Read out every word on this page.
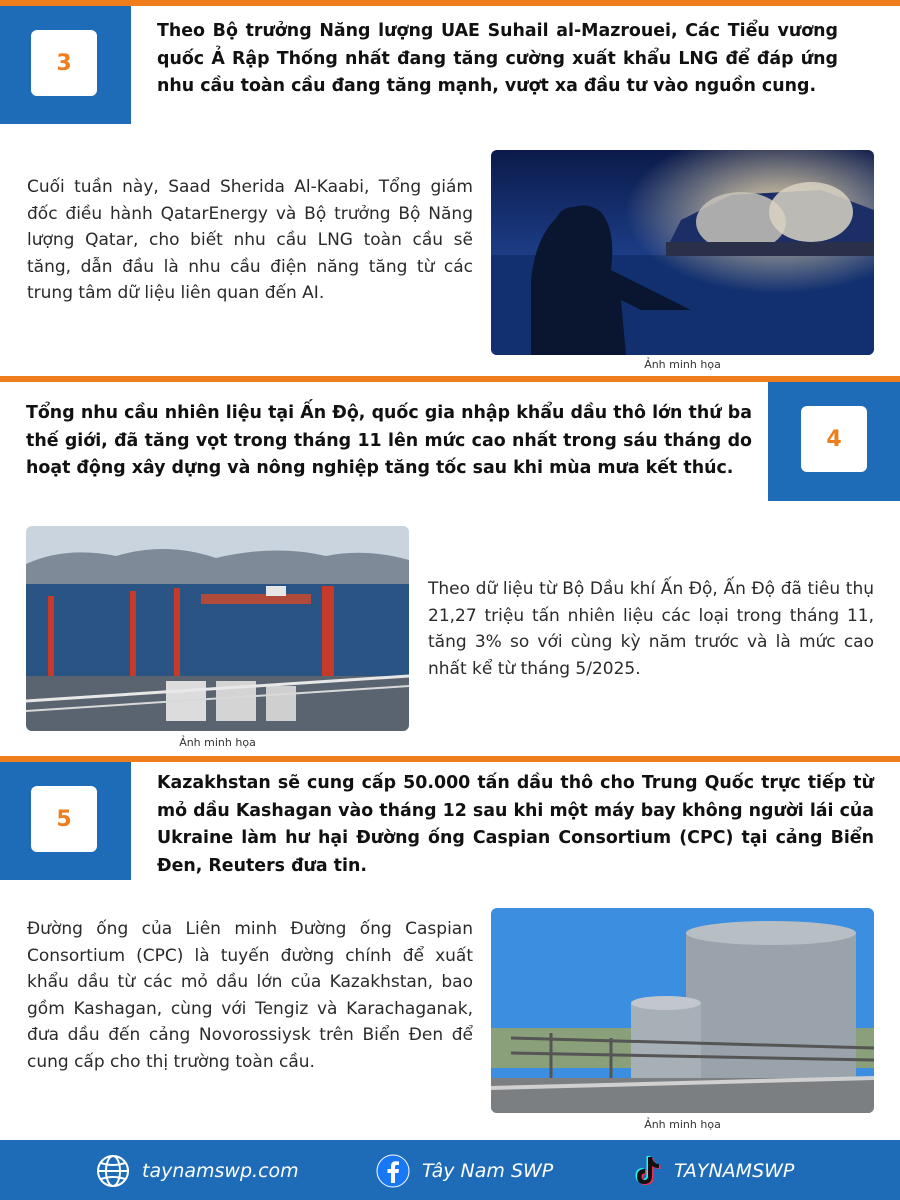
3

Theo Bộ trưởng Năng lượng UAE Suhail al-Mazrouei, Các Tiểu vương quốc Ả Rập Thống nhất đang tăng cường xuất khẩu LNG để đáp ứng nhu cầu toàn cầu đang tăng mạnh, vượt xa đầu tư vào nguồn cung.

Cuối tuần này, Saad Sherida Al-Kaabi, Tổng giám đốc điều hành QatarEnergy và Bộ trưởng Bộ Năng lượng Qatar, cho biết nhu cầu LNG toàn cầu sẽ tăng, dẫn đầu là nhu cầu điện năng tăng từ các trung tâm dữ liệu liên quan đến AI.

Ảnh minh họa
4

Tổng nhu cầu nhiên liệu tại Ấn Độ, quốc gia nhập khẩu dầu thô lớn thứ ba thế giới, đã tăng vọt trong tháng 11 lên mức cao nhất trong sáu tháng do hoạt động xây dựng và nông nghiệp tăng tốc sau khi mùa mưa kết thúc.

Theo dữ liệu từ Bộ Dầu khí Ấn Độ, Ấn Độ đã tiêu thụ 21,27 triệu tấn nhiên liệu các loại trong tháng 11, tăng 3% so với cùng kỳ năm trước và là mức cao nhất kể từ tháng 5/2025.

Ảnh minh họa
5

Kazakhstan sẽ cung cấp 50.000 tấn dầu thô cho Trung Quốc trực tiếp từ mỏ dầu Kashagan vào tháng 12 sau khi một máy bay không người lái của Ukraine làm hư hại Đường ống Caspian Consortium (CPC) tại cảng Biển Đen, Reuters đưa tin.

Đường ống của Liên minh Đường ống Caspian Consortium (CPC) là tuyến đường chính để xuất khẩu dầu từ các mỏ dầu lớn của Kazakhstan, bao gồm Kashagan, cùng với Tengiz và Karachaganak, đưa dầu đến cảng Novorossiysk trên Biển Đen để cung cấp cho thị trường toàn cầu.

Ảnh minh họa
taynamswp.com	Tây Nam SWP	TAYNAMSWP
